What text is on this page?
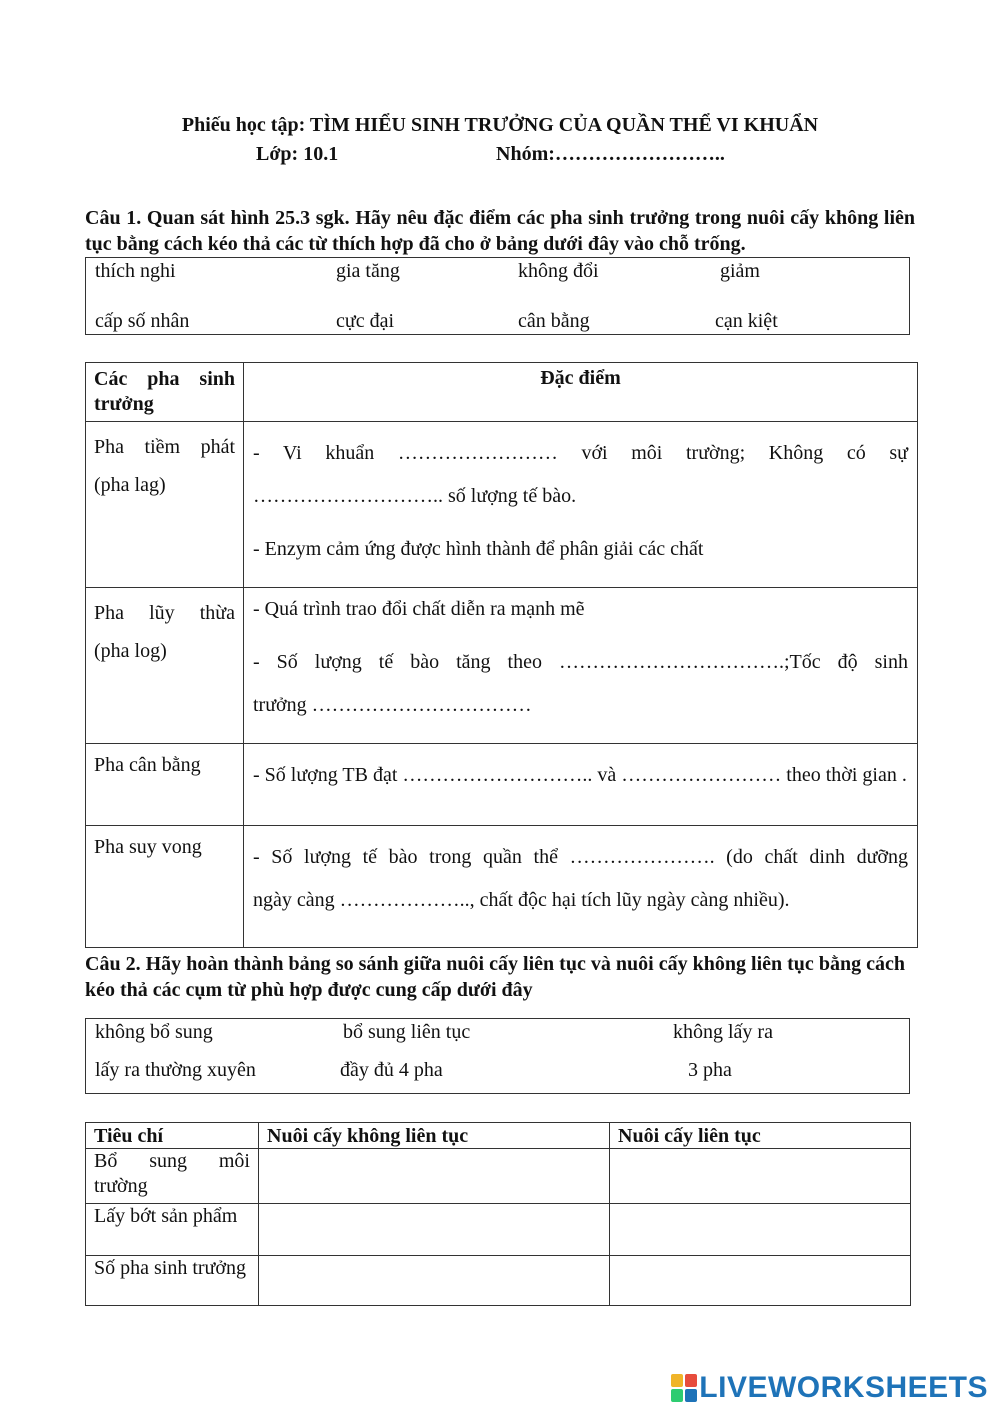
Phiếu học tập: TÌM HIỂU SINH TRƯỞNG CỦA QUẦN THỂ VI KHUẨN
Lớp: 10.1	Nhóm:……………………..
Câu 1. Quan sát hình 25.3 sgk. Hãy nêu đặc điểm các pha sinh trưởng trong nuôi cấy không liên tục bằng cách kéo thả các từ thích hợp đã cho ở bảng dưới đây vào chỗ trống.
thích nghi	gia tăng	không đổi	giảm
cấp số nhân	cực đại	cân bằng	cạn kiệt
Các pha sinh trưởng	Đặc điểm
Pha tiềm phát (pha lag)	- Vi khuẩn …………………… với môi trường; Không có sự

……………………….. số lượng tế bào.

- Enzym cảm ứng được hình thành để phân giải các chất

Pha lũy thừa (pha log)	- Quá trình trao đổi chất diễn ra mạnh mẽ

- Số lượng tế bào tăng theo …………………………….;Tốc độ sinh

trưởng ……………………………

Pha cân bằng	- Số lượng TB đạt ……………………….. và …………………… theo thời gian .

Pha suy vong	- Số lượng tế bào trong quần thể …………………. (do chất dinh dưỡng

ngày càng ……………….., chất độc hại tích lũy ngày càng nhiều).

Câu 2. Hãy hoàn thành bảng so sánh giữa nuôi cấy liên tục và nuôi cấy không liên tục bằng cách kéo thả các cụm từ phù hợp được cung cấp dưới đây
không bổ sung	bổ sung liên tục	không lấy ra
lấy ra thường xuyên	đầy đủ 4 pha	3 pha
Tiêu chí	Nuôi cấy không liên tục	Nuôi cấy liên tục
Bổ sung môi trường		
Lấy bớt sản phẩm		
Số pha sinh trưởng		
LIVEWORKSHEETS
